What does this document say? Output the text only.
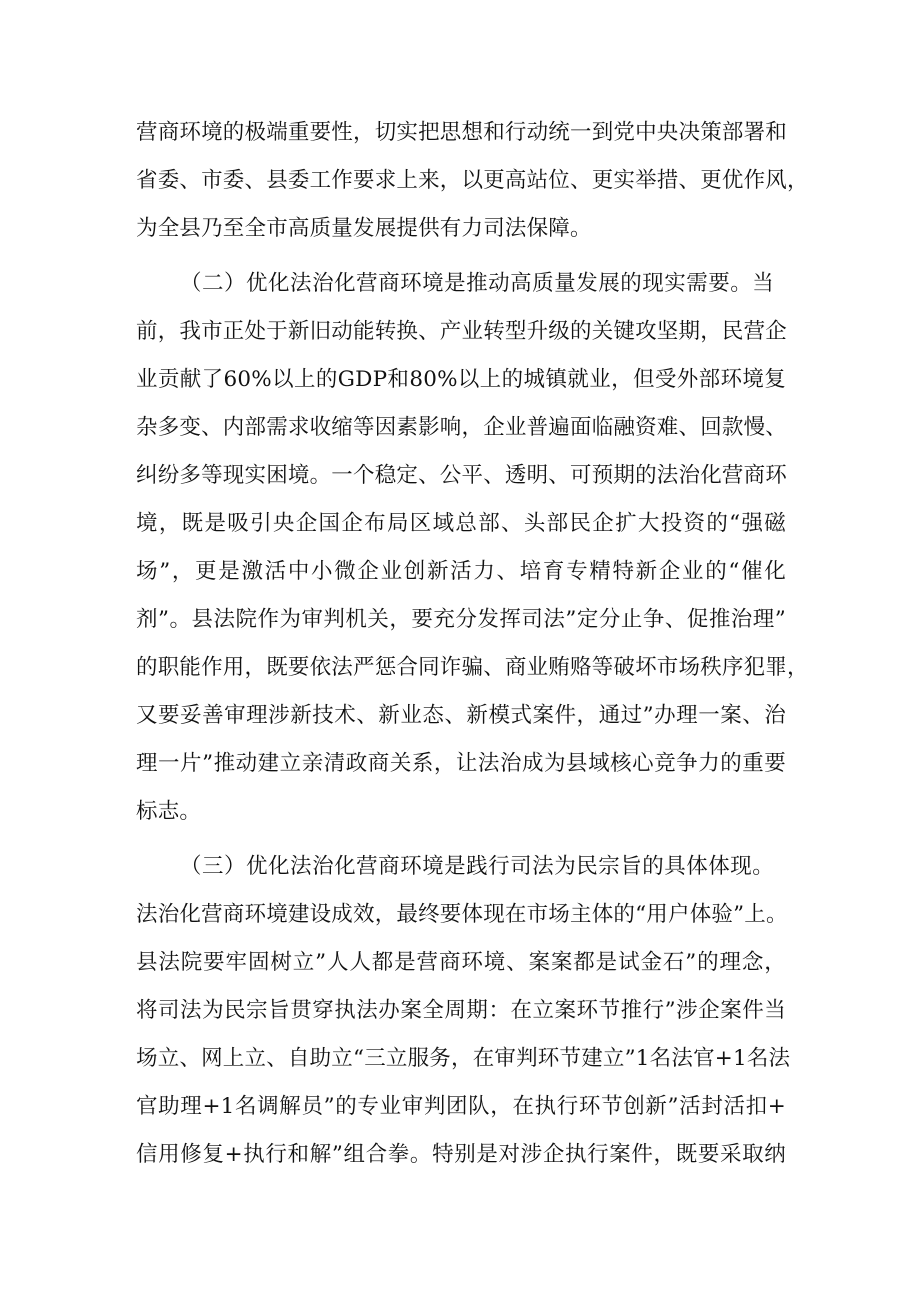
营商环境的极端重要性，切实把思想和行动统一到党中央决策部署和
省委、市委、县委工作要求上来，以更高站位、更实举措、更优作风，
为全县乃至全市高质量发展提供有力司法保障。
（二）优化法治化营商环境是推动高质量发展的现实需要。当
前，我市正处于新旧动能转换、产业转型升级的关键攻坚期，民营企
业贡献了60%以上的GDP和80%以上的城镇就业，但受外部环境复
杂多变、内部需求收缩等因素影响，企业普遍面临融资难、回款慢、
纠纷多等现实困境。一个稳定、公平、透明、可预期的法治化营商环
境，既是吸引央企国企布局区域总部、头部民企扩大投资的“强磁
场”，更是激活中小微企业创新活力、培育专精特新企业的“催化
剂”。县法院作为审判机关，要充分发挥司法”定分止争、促推治理”
的职能作用，既要依法严惩合同诈骗、商业贿赂等破坏市场秩序犯罪，
又要妥善审理涉新技术、新业态、新模式案件，通过”办理一案、治
理一片”推动建立亲清政商关系，让法治成为县域核心竞争力的重要
标志。
（三）优化法治化营商环境是践行司法为民宗旨的具体体现。
法治化营商环境建设成效，最终要体现在市场主体的“用户体验”上。
县法院要牢固树立”人人都是营商环境、案案都是试金石”的理念，
将司法为民宗旨贯穿执法办案全周期：在立案环节推行”涉企案件当
场立、网上立、自助立“三立服务，在审判环节建立”1名法官+1名法
官助理+1名调解员”的专业审判团队，在执行环节创新”活封活扣+
信用修复+执行和解”组合拳。特别是对涉企执行案件，既要采取纳
